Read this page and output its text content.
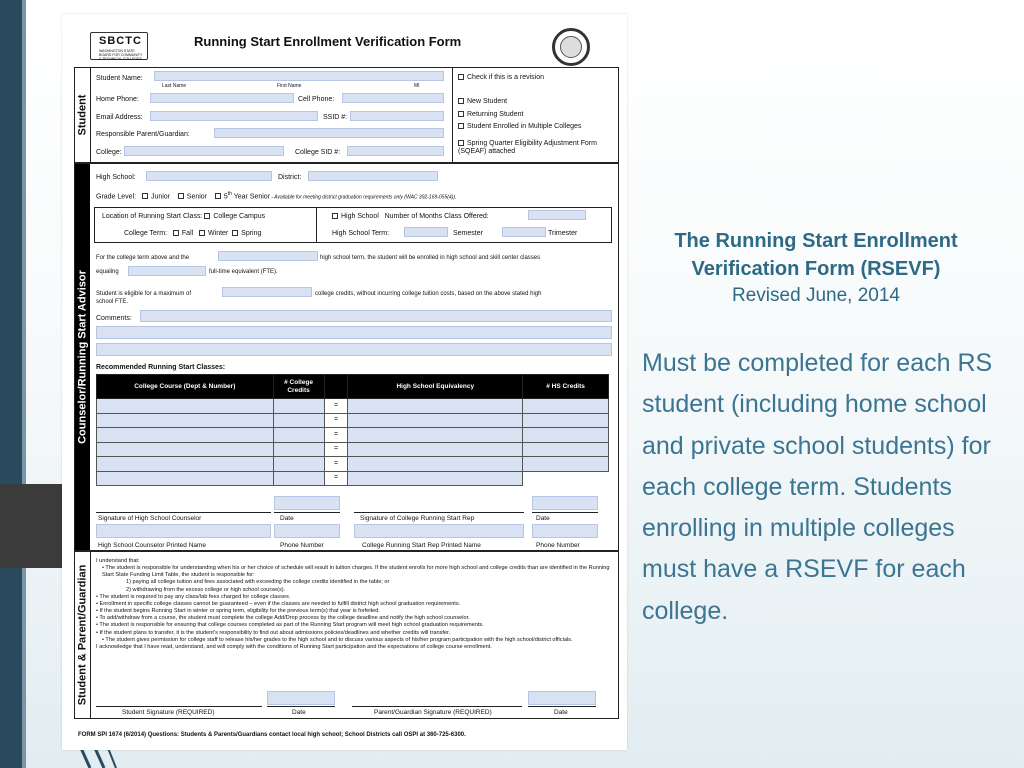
SBCTC
WASHINGTON STATE BOARD FOR COMMUNITY & TECHNICAL COLLEGES
Running Start Enrollment Verification Form
Student
Student Name:
Last Name	First Name	MI
Home Phone:	Cell Phone:
Email Address:	SSID #:
Responsible Parent/Guardian:
College:	College SID #:
Check if this is a revision
New Student
Returning Student
Student Enrolled in Multiple Colleges
Spring Quarter Eligibility Adjustment Form (SQEAF) attached
Counselor/Running Start Advisor
High School:	District:
Grade Level: Junior Senior 5th Year Senior - Available for meeting district graduation requirements only (WAC 392-169-055(4)).
Location of Running Start Class: College Campus
College Term: Fall Winter Spring
High School Number of Months Class Offered:
High School Term:	Semester	Trimester
For the college term above and the	high school term, the student will be enrolled in high school and skill center classes
equaling	full-time equivalent (FTE).
Student is eligible for a maximum of	college credits, without incurring college tuition costs, based on the above stated high
school FTE.
Comments:
Recommended Running Start Classes:
College Course (Dept & Number)	# College Credits		High School Equivalency	# HS Credits
		=		
		=		
		=		
		=		
		=		
		=		
Signature of High School Counselor	Date	Signature of College Running Start Rep	Date
High School Counselor Printed Name	Phone Number	College Running Start Rep Printed Name	Phone Number
Student & Parent/Guardian
I understand that:
• The student is responsible for understanding when his or her choice of schedule will result in tuition charges. If the student enrolls for more high school and college credits than are identified in the Running Start State Funding Limit Table, the student is responsible for:
1) paying all college tuition and fees associated with exceeding the college credits identified in the table; or
2) withdrawing from the excess college or high school course(s).
• The student is required to pay any class/lab fees charged for college classes.
• Enrollment in specific college classes cannot be guaranteed – even if the classes are needed to fulfill district high school graduation requirements.
• If the student begins Running Start in winter or spring term, eligibility for the previous term(s) that year is forfeited.
• To add/withdraw from a course, the student must complete the college Add/Drop process by the college deadline and notify the high school counselor.
• The student is responsible for ensuring that college courses completed as part of the Running Start program will meet high school graduation requirements.
• If the student plans to transfer, it is the student’s responsibility to find out about admissions policies/deadlines and whether credits will transfer.
• The student gives permission for college staff to release his/her grades to the high school and to discuss various aspects of his/her program participation with the high school/district officials.
I acknowledge that I have read, understand, and will comply with the conditions of Running Start participation and the expectations of college course enrollment.
Student Signature (REQUIRED)	Date	Parent/Guardian Signature (REQUIRED)	Date
FORM SPI 1674 (6/2014) Questions: Students & Parents/Guardians contact local high school; School Districts call OSPI at 360-725-6300.
The Running Start Enrollment Verification Form (RSEVF)
Revised June, 2014
Must be completed for each RS student (including home school and private school students) for each college term. Students enrolling in multiple colleges must have a RSEVF for each college.
